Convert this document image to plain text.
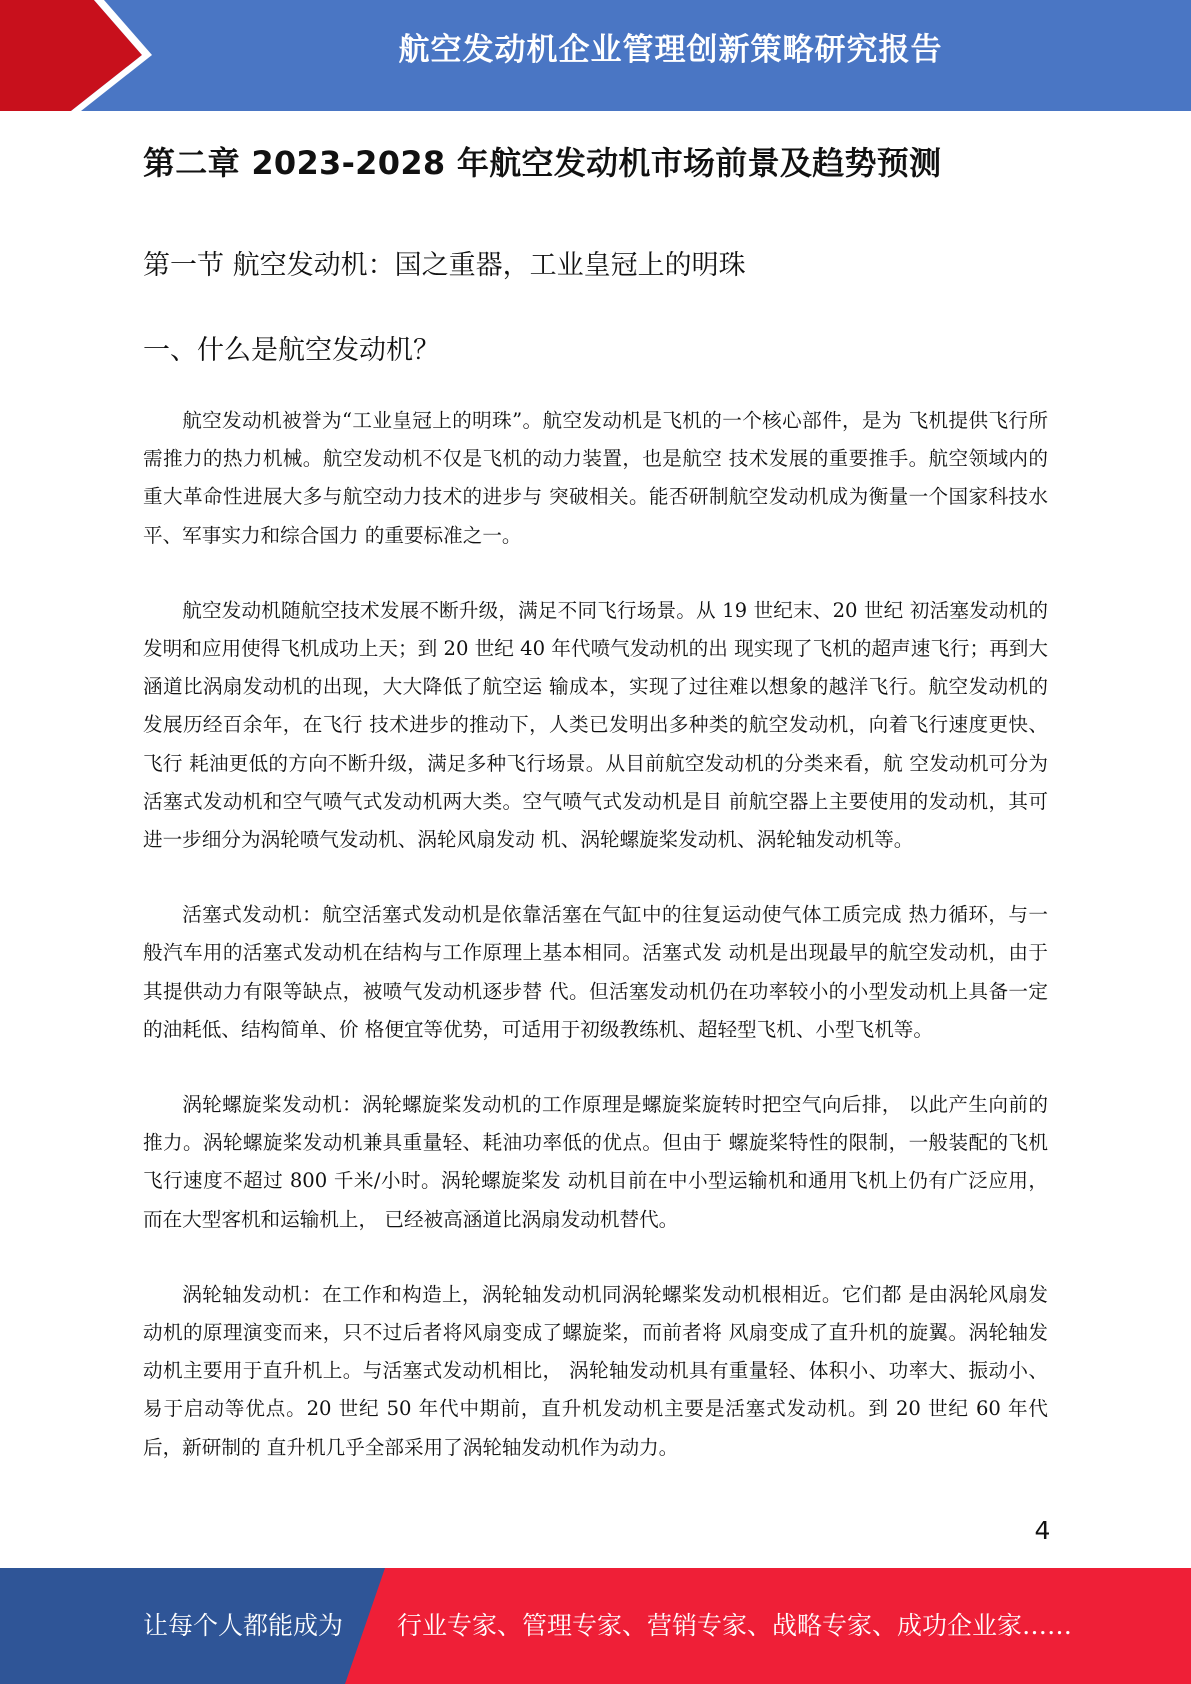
航空发动机企业管理创新策略研究报告
第二章 2023-2028 年航空发动机市场前景及趋势预测
第一节 航空发动机：国之重器，工业皇冠上的明珠
一、什么是航空发动机？

航空发动机被誉为“工业皇冠上的明珠”。航空发动机是飞机的一个核心部件，是为 飞机提供飞行所需推力的热力机械。航空发动机不仅是飞机的动力装置，也是航空 技术发展的重要推手。航空领域内的重大革命性进展大多与航空动力技术的进步与 突破相关。能否研制航空发动机成为衡量一个国家科技水平、军事实力和综合国力 的重要标准之一。

航空发动机随航空技术发展不断升级，满足不同飞行场景。从 19 世纪末、20 世纪 初活塞发动机的发明和应用使得飞机成功上天；到 20 世纪 40 年代喷气发动机的出 现实现了飞机的超声速飞行；再到大涵道比涡扇发动机的出现，大大降低了航空运 输成本，实现了过往难以想象的越洋飞行。航空发动机的发展历经百余年，在飞行 技术进步的推动下，人类已发明出多种类的航空发动机，向着飞行速度更快、飞行 耗油更低的方向不断升级，满足多种飞行场景。从目前航空发动机的分类来看，航 空发动机可分为活塞式发动机和空气喷气式发动机两大类。空气喷气式发动机是目 前航空器上主要使用的发动机，其可进一步细分为涡轮喷气发动机、涡轮风扇发动 机、涡轮螺旋桨发动机、涡轮轴发动机等。

活塞式发动机：航空活塞式发动机是依靠活塞在气缸中的往复运动使气体工质完成 热力循环，与一般汽车用的活塞式发动机在结构与工作原理上基本相同。活塞式发 动机是出现最早的航空发动机，由于其提供动力有限等缺点，被喷气发动机逐步替 代。但活塞发动机仍在功率较小的小型发动机上具备一定的油耗低、结构简单、价 格便宜等优势，可适用于初级教练机、超轻型飞机、小型飞机等。

涡轮螺旋桨发动机：涡轮螺旋桨发动机的工作原理是螺旋桨旋转时把空气向后排， 以此产生向前的推力。涡轮螺旋桨发动机兼具重量轻、耗油功率低的优点。但由于 螺旋桨特性的限制，一般装配的飞机飞行速度不超过 800 千米/小时。涡轮螺旋桨发 动机目前在中小型运输机和通用飞机上仍有广泛应用，而在大型客机和运输机上， 已经被高涵道比涡扇发动机替代。

涡轮轴发动机：在工作和构造上，涡轮轴发动机同涡轮螺桨发动机根相近。它们都 是由涡轮风扇发动机的原理演变而来，只不过后者将风扇变成了螺旋桨，而前者将 风扇变成了直升机的旋翼。涡轮轴发动机主要用于直升机上。与活塞式发动机相比， 涡轮轴发动机具有重量轻、体积小、功率大、振动小、易于启动等优点。20 世纪 50 年代中期前，直升机发动机主要是活塞式发动机。到 20 世纪 60 年代后，新研制的 直升机几乎全部采用了涡轮轴发动机作为动力。

4
让每个人都能成为 行业专家、管理专家、营销专家、战略专家、成功企业家……
